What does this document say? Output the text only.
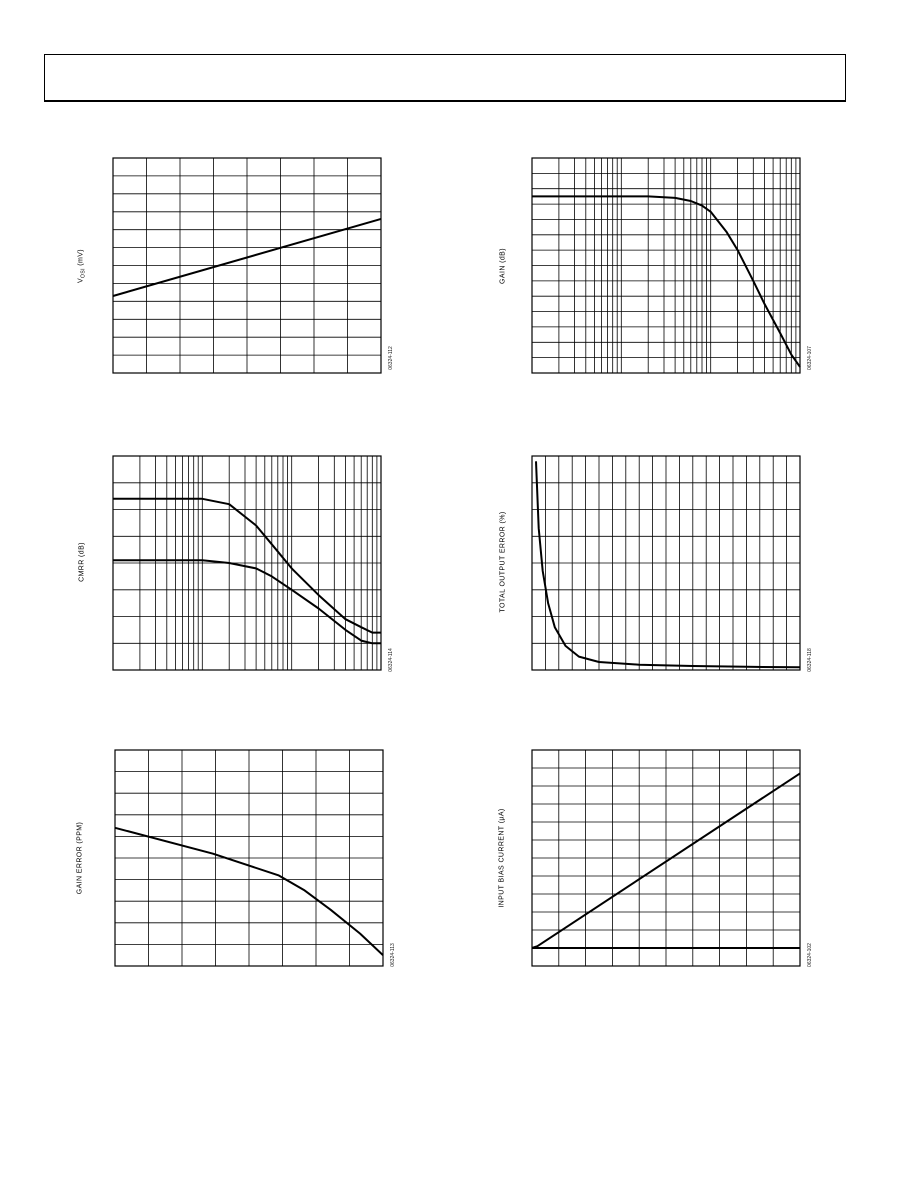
$V_{OSI}$ (mV)
06324-112
GAIN (dB)
06324-107
CMRR (dB)
06324-114
TOTAL OUTPUT ERROR (%)
06324-118
GAIN ERROR (PPM)
06324-113
INPUT BIAS CURRENT (µA)
06324-102
